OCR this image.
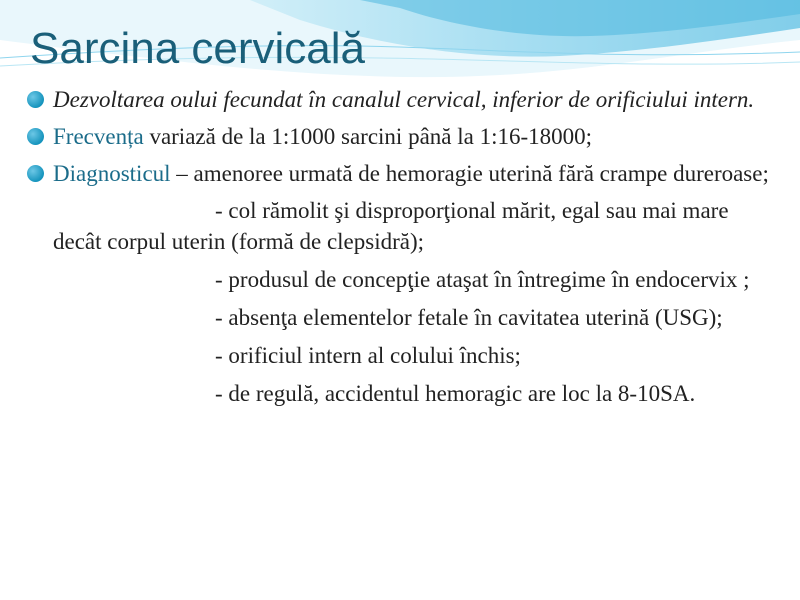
Sarcina cervicală
Dezvoltarea oului fecundat în canalul cervical, inferior de orificiului intern.
Frecvența variază de la 1:1000 sarcini până la 1:16-18000;
Diagnosticul – amenoree urmată de hemoragie uterină fără crampe dureroase;
- col rămolit şi disproporţional mărit, egal sau mai mare decât corpul uterin (formă de clepsidră);
- produsul de concepţie ataşat în întregime în endocervix ;
- absenţa elementelor fetale în cavitatea uterină (USG);
- orificiul intern al colului închis;
- de regulă, accidentul hemoragic are loc la 8-10SA.
